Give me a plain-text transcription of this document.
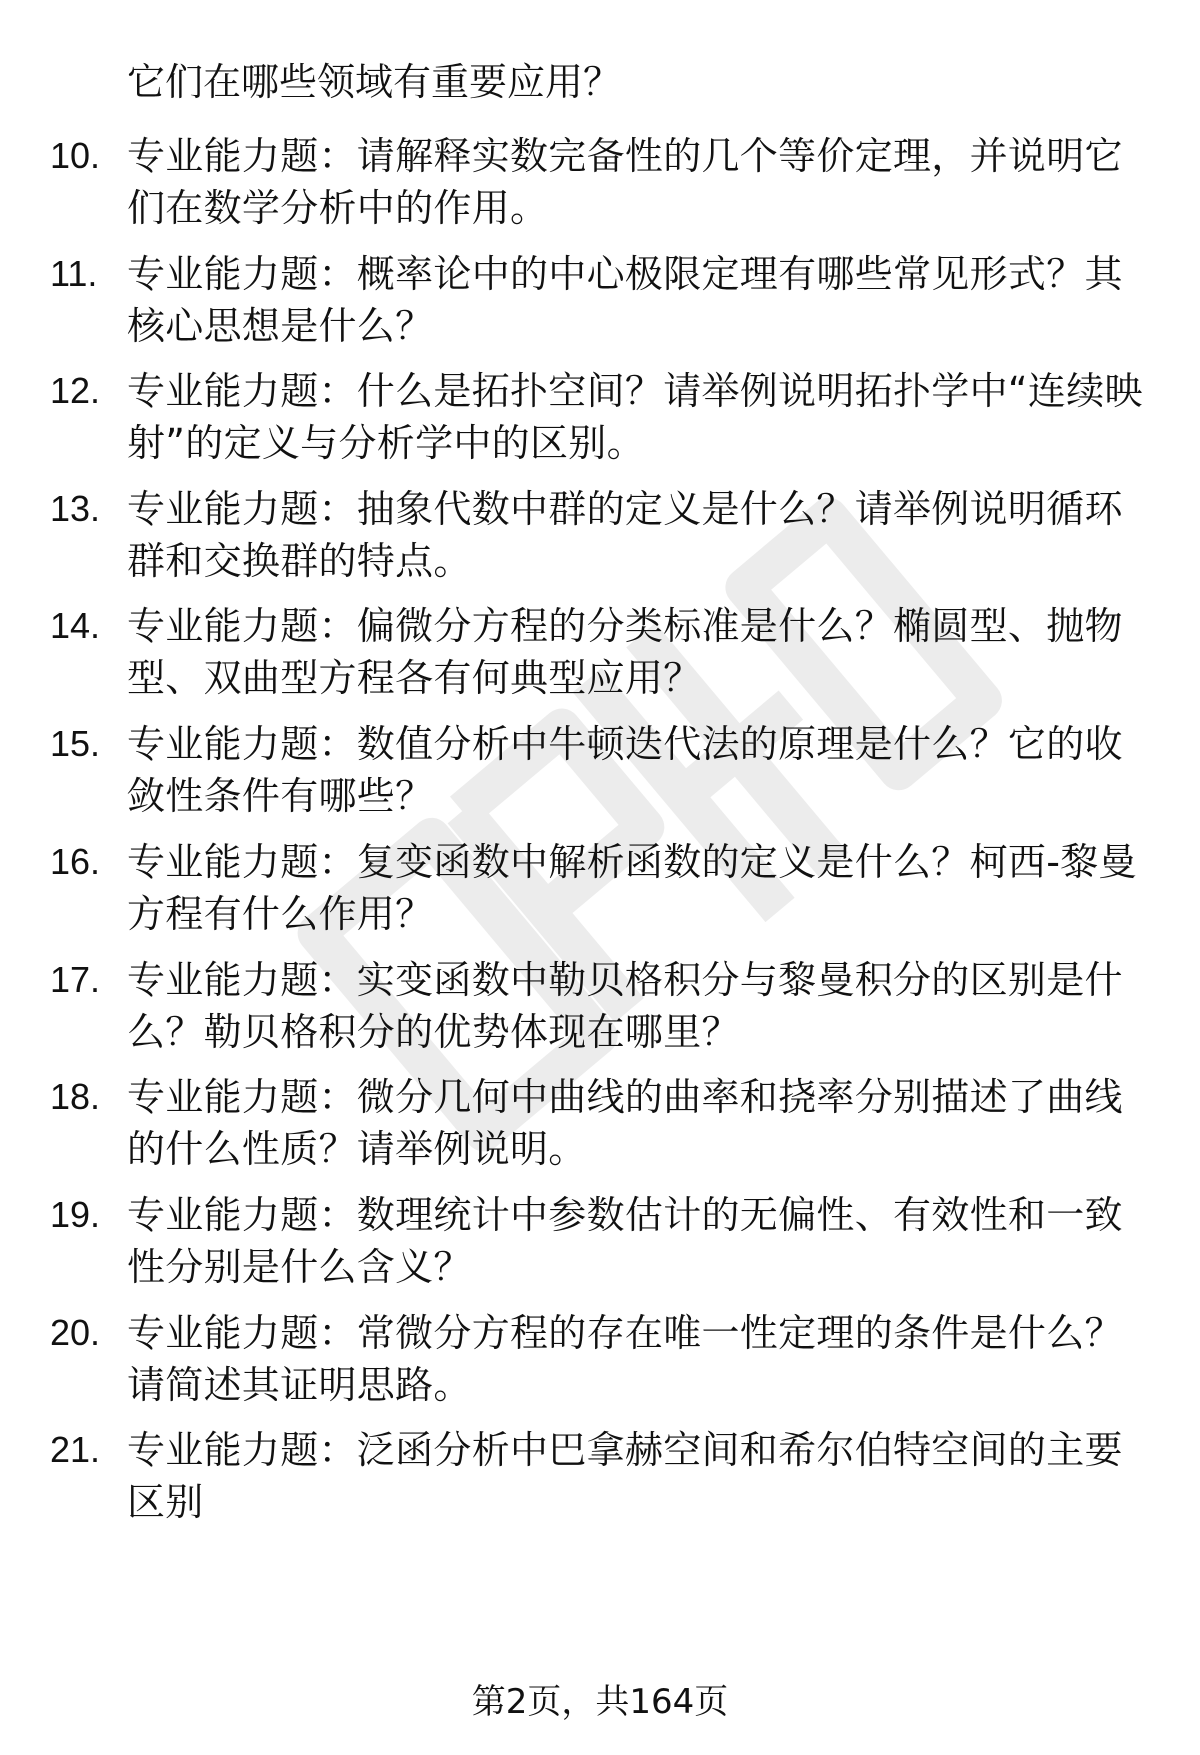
它们在哪些领域有重要应用？
10. 专业能力题：请解释实数完备性的几个等价定理，并说明它们在数学分析中的作用。
11. 专业能力题：概率论中的中心极限定理有哪些常见形式？其核心思想是什么？
12. 专业能力题：什么是拓扑空间？请举例说明拓扑学中“连续映射”的定义与分析学中的区别。
13. 专业能力题：抽象代数中群的定义是什么？请举例说明循环群和交换群的特点。
14. 专业能力题：偏微分方程的分类标准是什么？椭圆型、抛物型、双曲型方程各有何典型应用？
15. 专业能力题：数值分析中牛顿迭代法的原理是什么？它的收敛性条件有哪些？
16. 专业能力题：复变函数中解析函数的定义是什么？柯西-黎曼方程有什么作用？
17. 专业能力题：实变函数中勒贝格积分与黎曼积分的区别是什么？勒贝格积分的优势体现在哪里？
18. 专业能力题：微分几何中曲线的曲率和挠率分别描述了曲线的什么性质？请举例说明。
19. 专业能力题：数理统计中参数估计的无偏性、有效性和一致性分别是什么含义？
20. 专业能力题：常微分方程的存在唯一性定理的条件是什么？请简述其证明思路。
21. 专业能力题：泛函分析中巴拿赫空间和希尔伯特空间的主要区别
第2页，共164页
